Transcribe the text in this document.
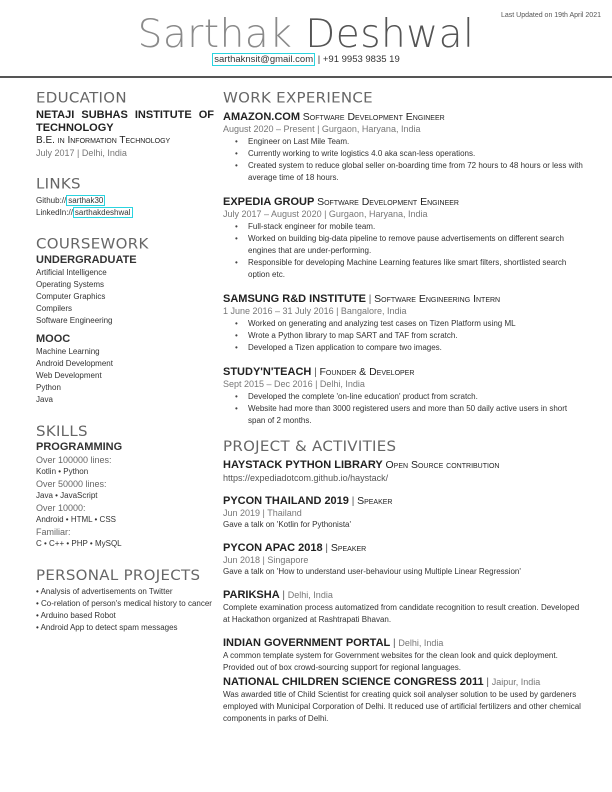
Last Updated on 19th April 2021
Sarthak Deshwal
sarthaknsit@gmail.com | +91 9953 9835 19
EDUCATION
NETAJI SUBHAS INSTITUTE OF TECHNOLOGY
B.E. in Information Technology
July 2017 | Delhi, India
LINKS
Github:// sarthak30
LinkedIn:// sarthakdeshwal
COURSEWORK
UNDERGRADUATE
Artificial Intelligence
Operating Systems
Computer Graphics
Compilers
Software Engineering
MOOC
Machine Learning
Android Development
Web Development
Python
Java
SKILLS
PROGRAMMING
Over 100000 lines:
Kotlin • Python
Over 50000 lines:
Java • JavaScript
Over 10000:
Android • HTML • CSS
Familiar:
C • C++ • PHP • MySQL
PERSONAL PROJECTS
• Analysis of advertisements on Twitter
• Co-relation of person's medical history to cancer
• Arduino based Robot
• Android App to detect spam messages
WORK EXPERIENCE
AMAZON.COM Software Development Engineer
August 2020 – Present | Gurgaon, Haryana, India
• Engineer on Last Mile Team.
• Currently working to write logistics 4.0 aka scan-less operations.
• Created system to reduce global seller on-boarding time from 72 hours to 48 hours or less with average time of 18 hours.
EXPEDIA GROUP Software Development Engineer
July 2017 – August 2020 | Gurgaon, Haryana, India
• Full-stack engineer for mobile team.
• Worked on building big-data pipeline to remove pause advertisements on different search engines that are under-performing.
• Responsible for developing Machine Learning features like smart filters, shortlisted search option etc.
SAMSUNG R&D INSTITUTE | Software Engineering Intern
1 June 2016 – 31 July 2016 | Bangalore, India
• Worked on generating and analyzing test cases on Tizen Platform using ML
• Wrote a Python library to map SART and TAF from scratch.
• Developed a Tizen application to compare two images.
STUDY'N'TEACH | Founder & Developer
Sept 2015 – Dec 2016 | Delhi, India
• Developed the complete 'on-line education' product from scratch.
• Website had more than 3000 registered users and more than 50 daily active users in short span of 2 months.
PROJECT & ACTIVITIES
HAYSTACK PYTHON LIBRARY Open Source contribution
https://expediadotcom.github.io/haystack/
PYCON THAILAND 2019 | Speaker
Jun 2019 | Thailand
Gave a talk on 'Kotlin for Pythonista'
PYCON APAC 2018 | Speaker
Jun 2018 | Singapore
Gave a talk on 'How to understand user-behaviour using Multiple Linear Regression'
PARIKSHA | Delhi, India
Complete examination process automatized from candidate recognition to result creation. Developed at Hackathon organized at Rashtrapati Bhavan.
INDIAN GOVERNMENT PORTAL | Delhi, India
A common template system for Government websites for the clean look and quick deployment. Provided out of box crowd-sourcing support for regional languages.
NATIONAL CHILDREN SCIENCE CONGRESS 2011 | Jaipur, India
Was awarded title of Child Scientist for creating quick soil analyser solution to be used by gardeners employed with Municipal Corporation of Delhi. It reduced use of artificial fertilizers and other chemical components in parks of Delhi.
